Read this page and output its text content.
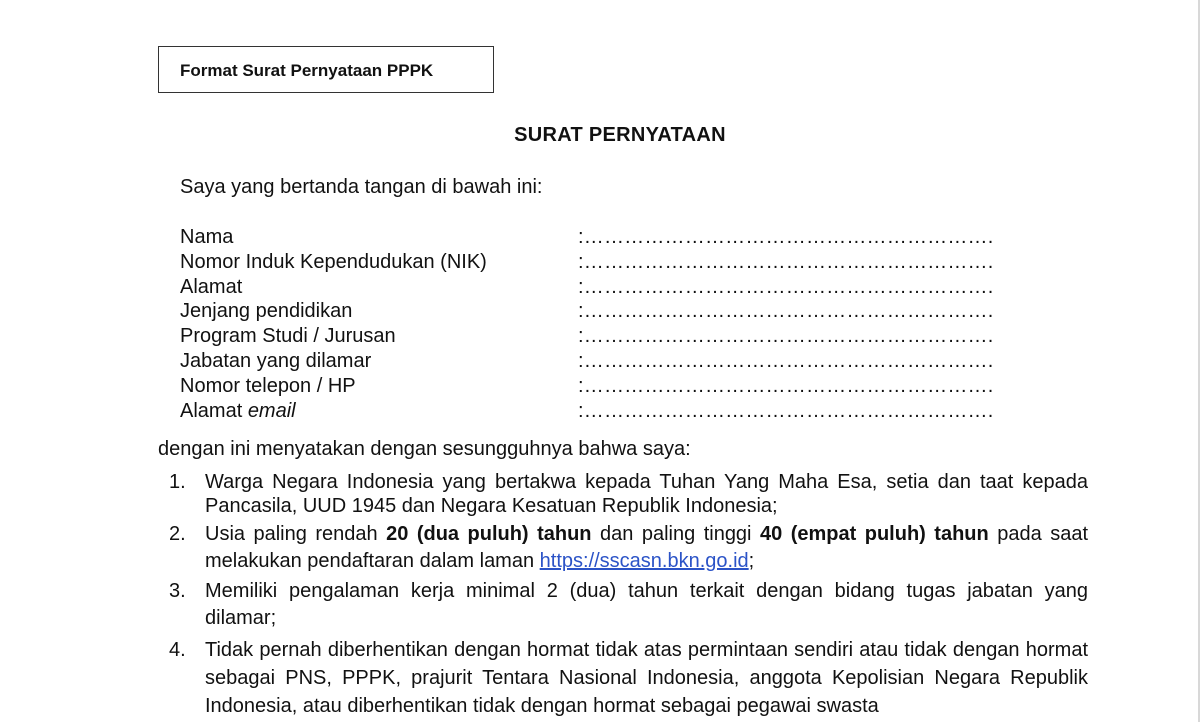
Format Surat Pernyataan PPPK
SURAT PERNYATAAN
Saya yang bertanda tangan di bawah ini:
Nama	:…………………………………………………….
Nomor Induk Kependudukan (NIK)	:…………………………………………………….
Alamat	:…………………………………………………….
Jenjang pendidikan	:…………………………………………………….
Program Studi / Jurusan	:…………………………………………………….
Jabatan yang dilamar	:…………………………………………………….
Nomor telepon / HP	:…………………………………………………….
Alamat email	:…………………………………………………….
dengan ini menyatakan dengan sesungguhnya bahwa saya:
1. Warga Negara Indonesia yang bertakwa kepada Tuhan Yang Maha Esa, setia dan taat kepada Pancasila, UUD 1945 dan Negara Kesatuan Republik Indonesia;
2. Usia paling rendah 20 (dua puluh) tahun dan paling tinggi 40 (empat puluh) tahun pada saat melakukan pendaftaran dalam laman https://sscasn.bkn.go.id;
3. Memiliki pengalaman kerja minimal 2 (dua) tahun terkait dengan bidang tugas jabatan yang dilamar;
4. Tidak pernah diberhentikan dengan hormat tidak atas permintaan sendiri atau tidak dengan hormat sebagai PNS, PPPK, prajurit Tentara Nasional Indonesia, anggota Kepolisian Negara Republik Indonesia, atau diberhentikan tidak dengan hormat sebagai pegawai swasta
